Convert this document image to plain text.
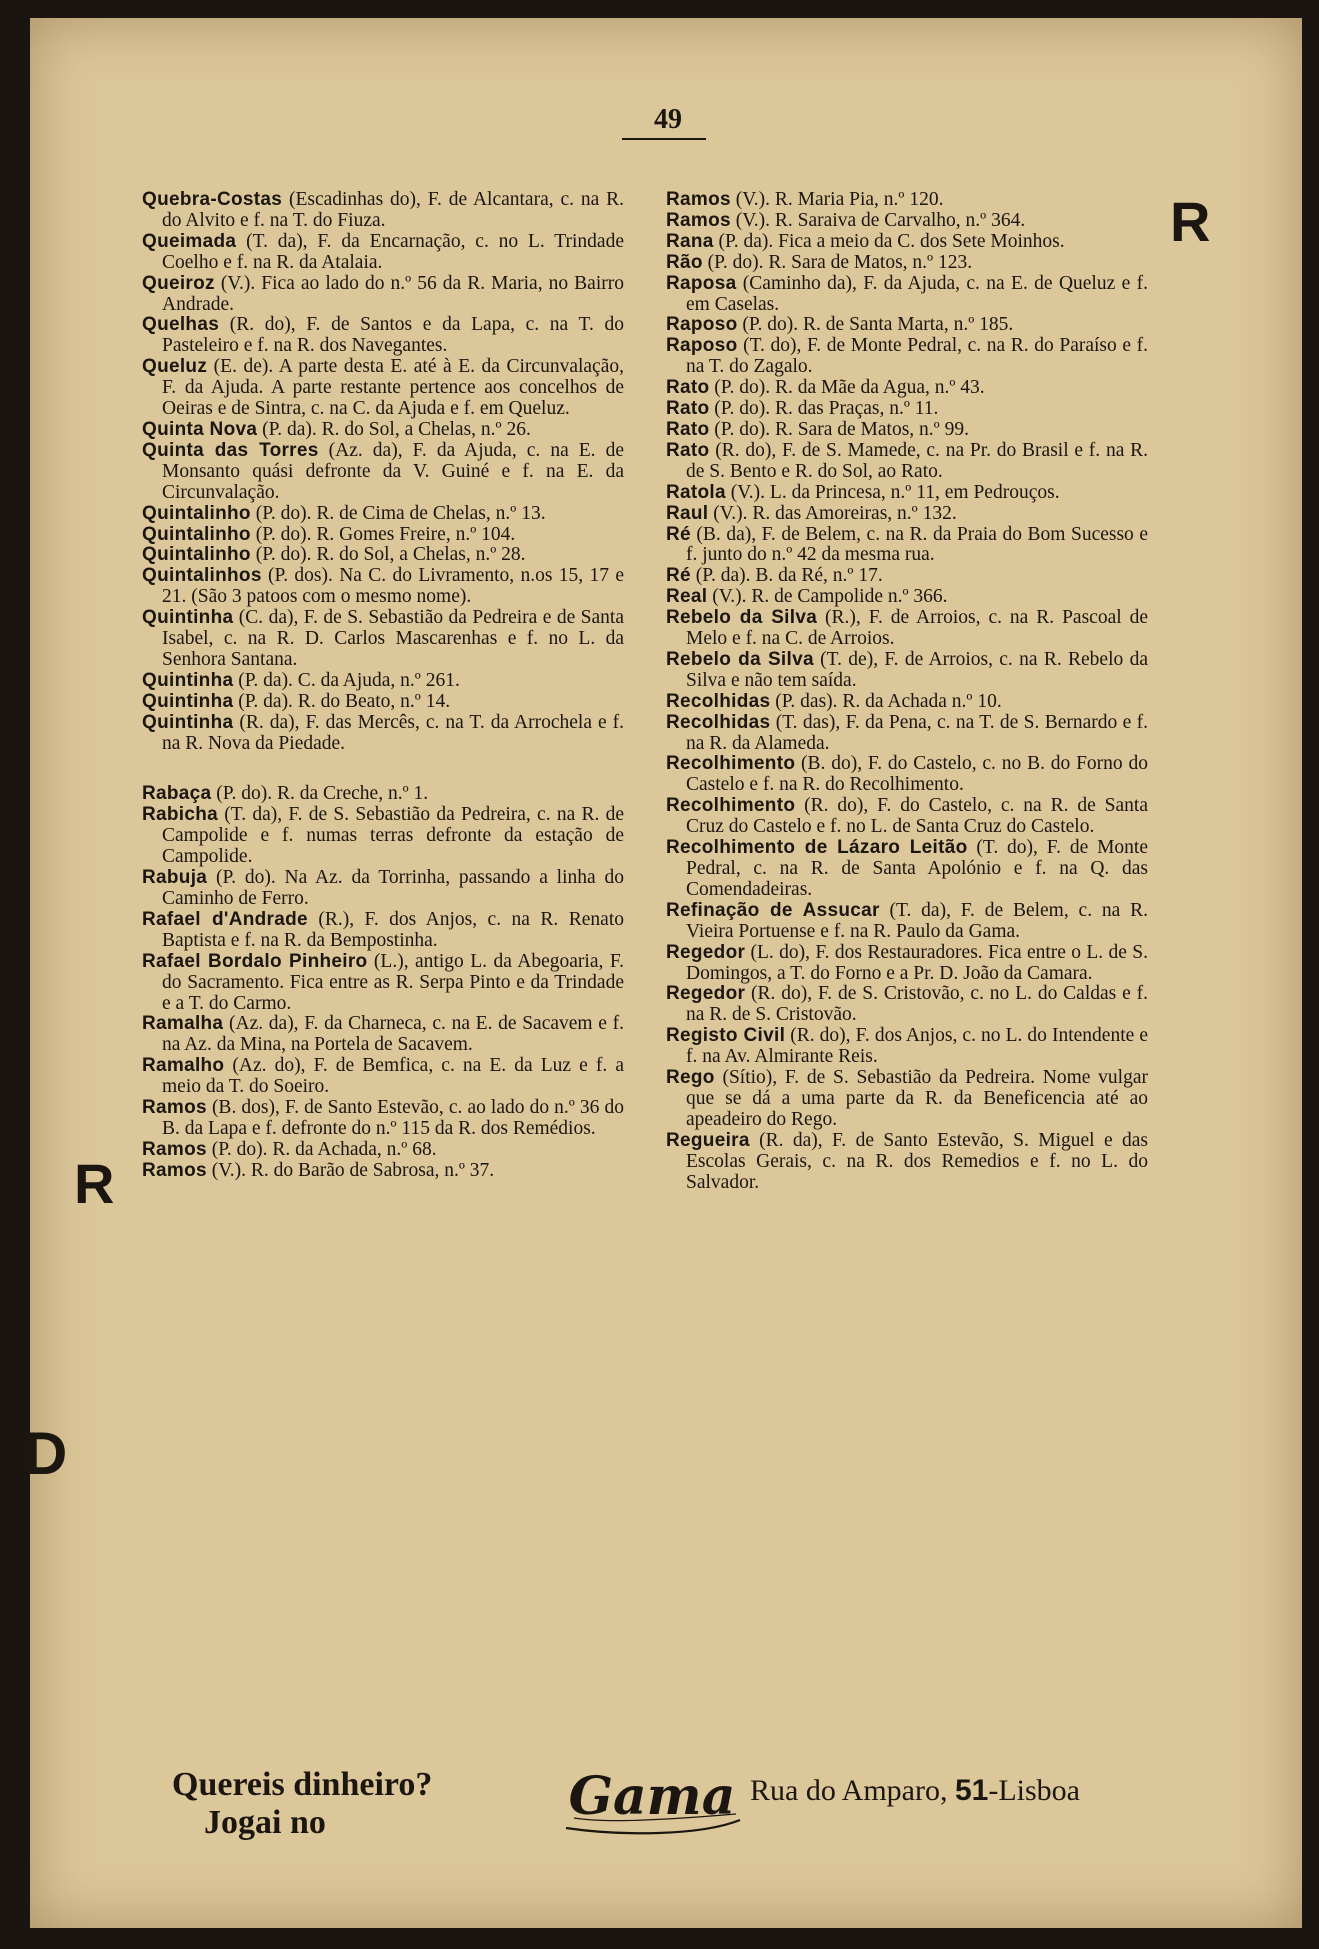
49
R
R
D

Quebra-Costas (Escadinhas do), F. de Alcantara, c. na R. do Alvito e f. na T. do Fiuza.

Queimada (T. da), F. da Encarnação, c. no L. Trindade Coelho e f. na R. da Atalaia.

Queiroz (V.). Fica ao lado do n.º 56 da R. Maria, no Bairro Andrade.

Quelhas (R. do), F. de Santos e da Lapa, c. na T. do Pasteleiro e f. na R. dos Navegantes.

Queluz (E. de). A parte desta E. até à E. da Circunvalação, F. da Ajuda. A parte restante pertence aos concelhos de Oeiras e de Sintra, c. na C. da Ajuda e f. em Queluz.

Quinta Nova (P. da). R. do Sol, a Chelas, n.º 26.

Quinta das Torres (Az. da), F. da Ajuda, c. na E. de Monsanto quási defronte da V. Guiné e f. na E. da Circunvalação.

Quintalinho (P. do). R. de Cima de Chelas, n.º 13.

Quintalinho (P. do). R. Gomes Freire, n.º 104.

Quintalinho (P. do). R. do Sol, a Chelas, n.º 28.

Quintalinhos (P. dos). Na C. do Livramento, n.os 15, 17 e 21. (São 3 patoos com o mesmo nome).

Quintinha (C. da), F. de S. Sebastião da Pedreira e de Santa Isabel, c. na R. D. Carlos Mascarenhas e f. no L. da Senhora Santana.

Quintinha (P. da). C. da Ajuda, n.º 261.

Quintinha (P. da). R. do Beato, n.º 14.

Quintinha (R. da), F. das Mercês, c. na T. da Arrochela e f. na R. Nova da Piedade.

Rabaça (P. do). R. da Creche, n.º 1.

Rabicha (T. da), F. de S. Sebastião da Pedreira, c. na R. de Campolide e f. numas terras defronte da estação de Campolide.

Rabuja (P. do). Na Az. da Torrinha, passando a linha do Caminho de Ferro.

Rafael d'Andrade (R.), F. dos Anjos, c. na R. Renato Baptista e f. na R. da Bempostinha.

Rafael Bordalo Pinheiro (L.), antigo L. da Abegoaria, F. do Sacramento. Fica entre as R. Serpa Pinto e da Trindade e a T. do Carmo.

Ramalha (Az. da), F. da Charneca, c. na E. de Sacavem e f. na Az. da Mina, na Portela de Sacavem.

Ramalho (Az. do), F. de Bemfica, c. na E. da Luz e f. a meio da T. do Soeiro.

Ramos (B. dos), F. de Santo Estevão, c. ao lado do n.º 36 do B. da Lapa e f. defronte do n.º 115 da R. dos Remédios.

Ramos (P. do). R. da Achada, n.º 68.

Ramos (V.). R. do Barão de Sabrosa, n.º 37.

Ramos (V.). R. Maria Pia, n.º 120.

Ramos (V.). R. Saraiva de Carvalho, n.º 364.

Rana (P. da). Fica a meio da C. dos Sete Moinhos.

Rão (P. do). R. Sara de Matos, n.º 123.

Raposa (Caminho da), F. da Ajuda, c. na E. de Queluz e f. em Caselas.

Raposo (P. do). R. de Santa Marta, n.º 185.

Raposo (T. do), F. de Monte Pedral, c. na R. do Paraíso e f. na T. do Zagalo.

Rato (P. do). R. da Mãe da Agua, n.º 43.

Rato (P. do). R. das Praças, n.º 11.

Rato (P. do). R. Sara de Matos, n.º 99.

Rato (R. do), F. de S. Mamede, c. na Pr. do Brasil e f. na R. de S. Bento e R. do Sol, ao Rato.

Ratola (V.). L. da Princesa, n.º 11, em Pedrouços.

Raul (V.). R. das Amoreiras, n.º 132.

Ré (B. da), F. de Belem, c. na R. da Praia do Bom Sucesso e f. junto do n.º 42 da mesma rua.

Ré (P. da). B. da Ré, n.º 17.

Real (V.). R. de Campolide n.º 366.

Rebelo da Silva (R.), F. de Arroios, c. na R. Pascoal de Melo e f. na C. de Arroios.

Rebelo da Silva (T. de), F. de Arroios, c. na R. Rebelo da Silva e não tem saída.

Recolhidas (P. das). R. da Achada n.º 10.

Recolhidas (T. das), F. da Pena, c. na T. de S. Bernardo e f. na R. da Alameda.

Recolhimento (B. do), F. do Castelo, c. no B. do Forno do Castelo e f. na R. do Recolhimento.

Recolhimento (R. do), F. do Castelo, c. na R. de Santa Cruz do Castelo e f. no L. de Santa Cruz do Castelo.

Recolhimento de Lázaro Leitão (T. do), F. de Monte Pedral, c. na R. de Santa Apolónio e f. na Q. das Comendadeiras.

Refinação de Assucar (T. da), F. de Belem, c. na R. Vieira Portuense e f. na R. Paulo da Gama.

Regedor (L. do), F. dos Restauradores. Fica entre o L. de S. Domingos, a T. do Forno e a Pr. D. João da Camara.

Regedor (R. do), F. de S. Cristovão, c. no L. do Caldas e f. na R. de S. Cristovão.

Registo Civil (R. do), F. dos Anjos, c. no L. do Intendente e f. na Av. Almirante Reis.

Rego (Sítio), F. de S. Sebastião da Pedreira. Nome vulgar que se dá a uma parte da R. da Beneficencia até ao apeadeiro do Rego.

Regueira (R. da), F. de Santo Estevão, S. Miguel e das Escolas Gerais, c. na R. dos Remedios e f. no L. do Salvador.

Quereis dinheiro?
Jogai no	Gama Rua do Amparo, 51-Lisboa
